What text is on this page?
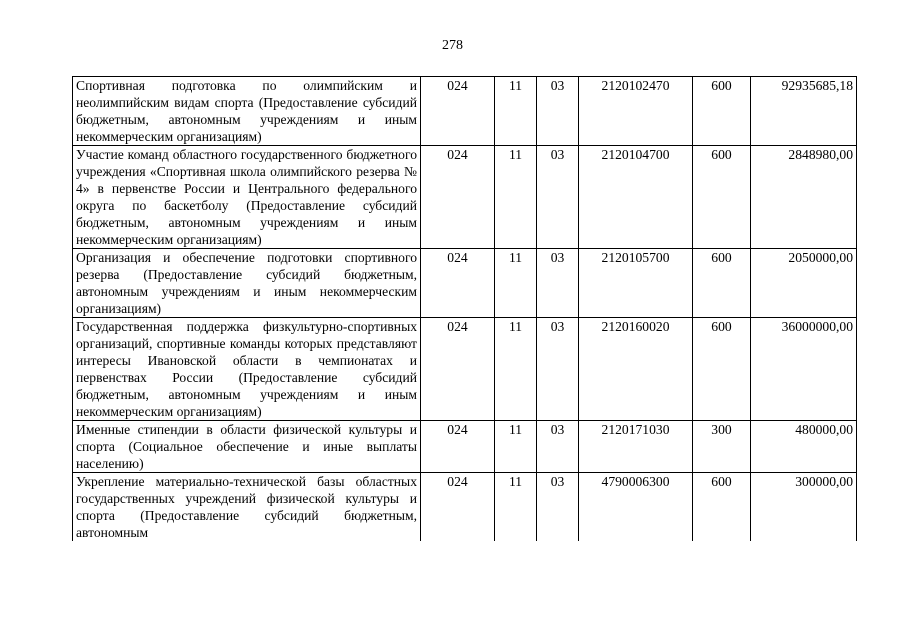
278
Спортивная подготовка по олимпийским и неолимпийским видам спорта (Предоставление субсидий бюджетным, автономным учреждениям и иным некоммерческим организациям)	024	11	03	2120102470	600	92935685,18
Участие команд областного государственного бюджетного учреждения «Спортивная школа олимпийского резерва № 4» в первенстве России и Центрального федерального округа по баскетболу (Предоставление субсидий бюджетным, автономным учреждениям и иным некоммерческим организациям)	024	11	03	2120104700	600	2848980,00
Организация и обеспечение подготовки спортивного резерва (Предоставление субсидий бюджетным, автономным учреждениям и иным некоммерческим организациям)	024	11	03	2120105700	600	2050000,00
Государственная поддержка физкультурно-спортивных организаций, спортивные команды которых представляют интересы Ивановской области в чемпионатах и первенствах России (Предоставление субсидий бюджетным, автономным учреждениям и иным некоммерческим организациям)	024	11	03	2120160020	600	36000000,00
Именные стипендии в области физической культуры и спорта (Социальное обеспечение и иные выплаты населению)	024	11	03	2120171030	300	480000,00
Укрепление материально-технической базы областных государственных учреждений физической культуры и спорта (Предоставление субсидий бюджетным, автономным	024	11	03	4790006300	600	300000,00
